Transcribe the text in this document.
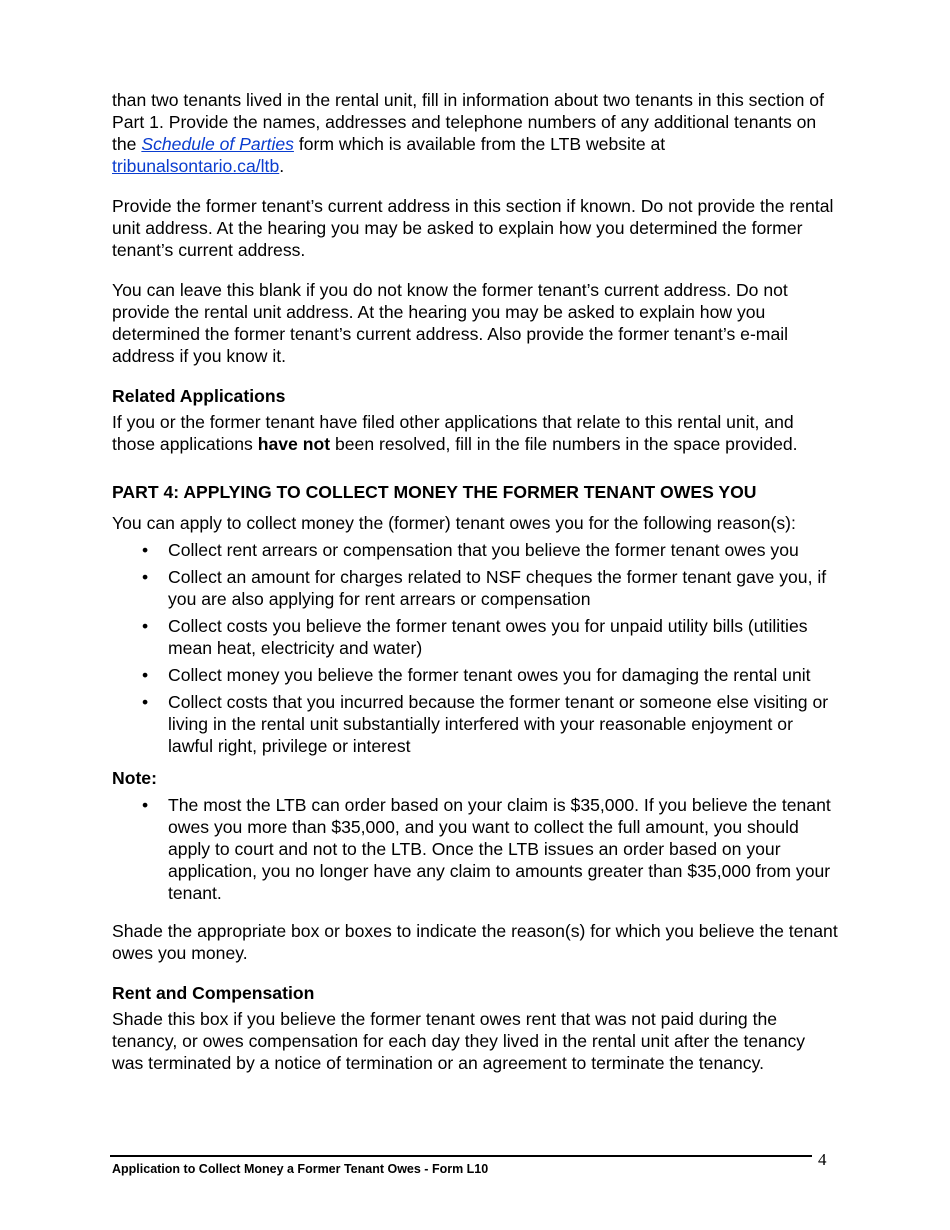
than two tenants lived in the rental unit, fill in information about two tenants in this section of Part 1. Provide the names, addresses and telephone numbers of any additional tenants on the Schedule of Parties form which is available from the LTB website at tribunalsontario.ca/ltb.

Provide the former tenant’s current address in this section if known. Do not provide the rental unit address. At the hearing you may be asked to explain how you determined the former tenant’s current address.

You can leave this blank if you do not know the former tenant’s current address. Do not provide the rental unit address. At the hearing you may be asked to explain how you determined the former tenant’s current address. Also provide the former tenant’s e-mail address if you know it.

Related Applications

If you or the former tenant have filed other applications that relate to this rental unit, and those applications have not been resolved, fill in the file numbers in the space provided.

PART 4: APPLYING TO COLLECT MONEY THE FORMER TENANT OWES YOU

You can apply to collect money the (former) tenant owes you for the following reason(s):

• Collect rent arrears or compensation that you believe the former tenant owes you
• Collect an amount for charges related to NSF cheques the former tenant gave you, if you are also applying for rent arrears or compensation
• Collect costs you believe the former tenant owes you for unpaid utility bills (utilities mean heat, electricity and water)
• Collect money you believe the former tenant owes you for damaging the rental unit
• Collect costs that you incurred because the former tenant or someone else visiting or living in the rental unit substantially interfered with your reasonable enjoyment or lawful right, privilege or interest

Note:

• The most the LTB can order based on your claim is $35,000. If you believe the tenant owes you more than $35,000, and you want to collect the full amount, you should apply to court and not to the LTB. Once the LTB issues an order based on your application, you no longer have any claim to amounts greater than $35,000 from your tenant.

Shade the appropriate box or boxes to indicate the reason(s) for which you believe the tenant owes you money.

Rent and Compensation

Shade this box if you believe the former tenant owes rent that was not paid during the tenancy, or owes compensation for each day they lived in the rental unit after the tenancy was terminated by a notice of termination or an agreement to terminate the tenancy.

Application to Collect Money a Former Tenant Owes - Form L10	4
